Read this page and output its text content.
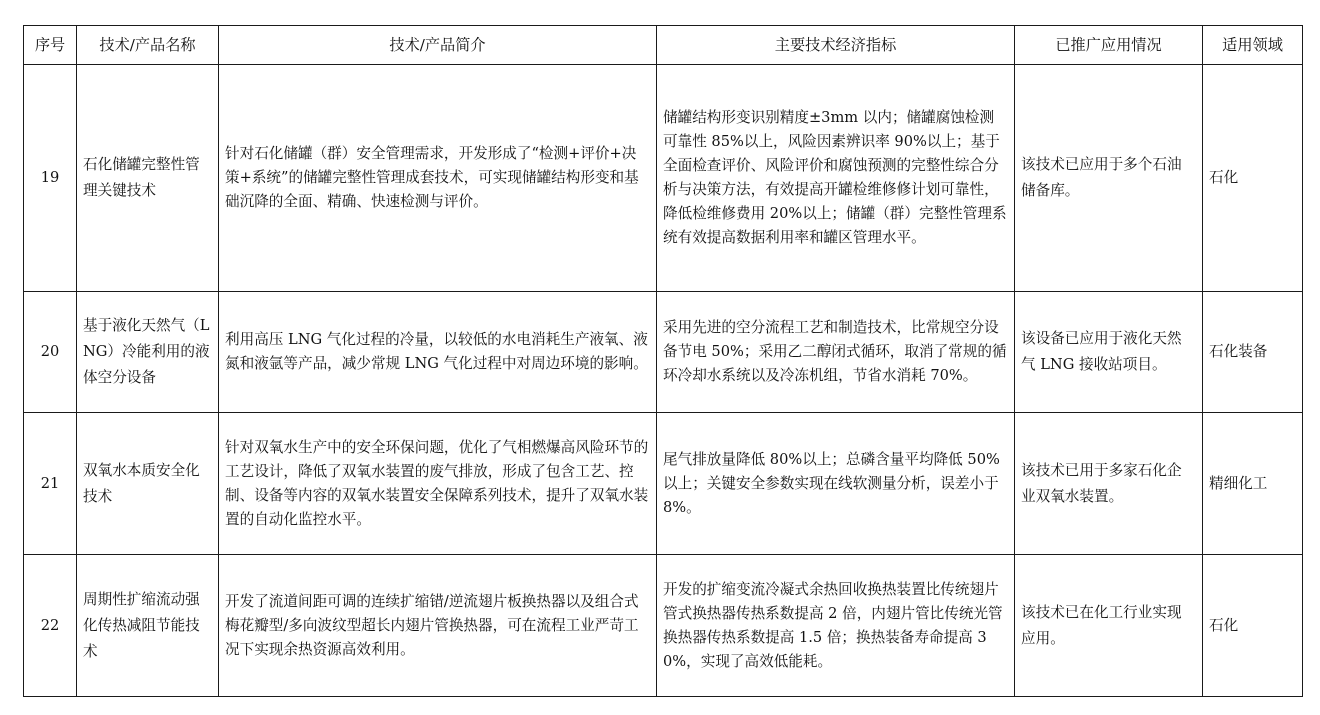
序号	技术/产品名称	技术/产品简介	主要技术经济指标	已推广应用情况	适用领域
19	石化储罐完整性管理关键技术	针对石化储罐（群）安全管理需求，开发形成了“检测+评价+决策+系统”的储罐完整性管理成套技术，可实现储罐结构形变和基础沉降的全面、精确、快速检测与评价。	储罐结构形变识别精度±3mm 以内；储罐腐蚀检测可靠性 85%以上，风险因素辨识率 90%以上；基于全面检查评价、风险评价和腐蚀预测的完整性综合分析与决策方法，有效提高开罐检维修修计划可靠性，降低检维修费用 20%以上；储罐（群）完整性管理系统有效提高数据利用率和罐区管理水平。	该技术已应用于多个石油储备库。	石化
20	基于液化天然气（LNG）冷能利用的液体空分设备	利用高压 LNG 气化过程的冷量，以较低的水电消耗生产液氧、液氮和液氩等产品，减少常规 LNG 气化过程中对周边环境的影响。	采用先进的空分流程工艺和制造技术，比常规空分设备节电 50%；采用乙二醇闭式循环，取消了常规的循环冷却水系统以及冷冻机组，节省水消耗 70%。	该设备已应用于液化天然气 LNG 接收站项目。	石化装备
21	双氧水本质安全化技术	针对双氧水生产中的安全环保问题，优化了气相燃爆高风险环节的工艺设计，降低了双氧水装置的废气排放，形成了包含工艺、控制、设备等内容的双氧水装置安全保障系列技术，提升了双氧水装置的自动化监控水平。	尾气排放量降低 80%以上；总磷含量平均降低 50%以上；关键安全参数实现在线软测量分析，误差小于 8%。	该技术已用于多家石化企业双氧水装置。	精细化工
22	周期性扩缩流动强化传热减阻节能技术	开发了流道间距可调的连续扩缩错/逆流翅片板换热器以及组合式梅花瓣型/多向波纹型超长内翅片管换热器，可在流程工业严苛工况下实现余热资源高效利用。	开发的扩缩变流冷凝式余热回收换热装置比传统翅片管式换热器传热系数提高 2 倍，内翅片管比传统光管换热器传热系数提高 1.5 倍；换热装备寿命提高 30%，实现了高效低能耗。	该技术已在化工行业实现应用。	石化
